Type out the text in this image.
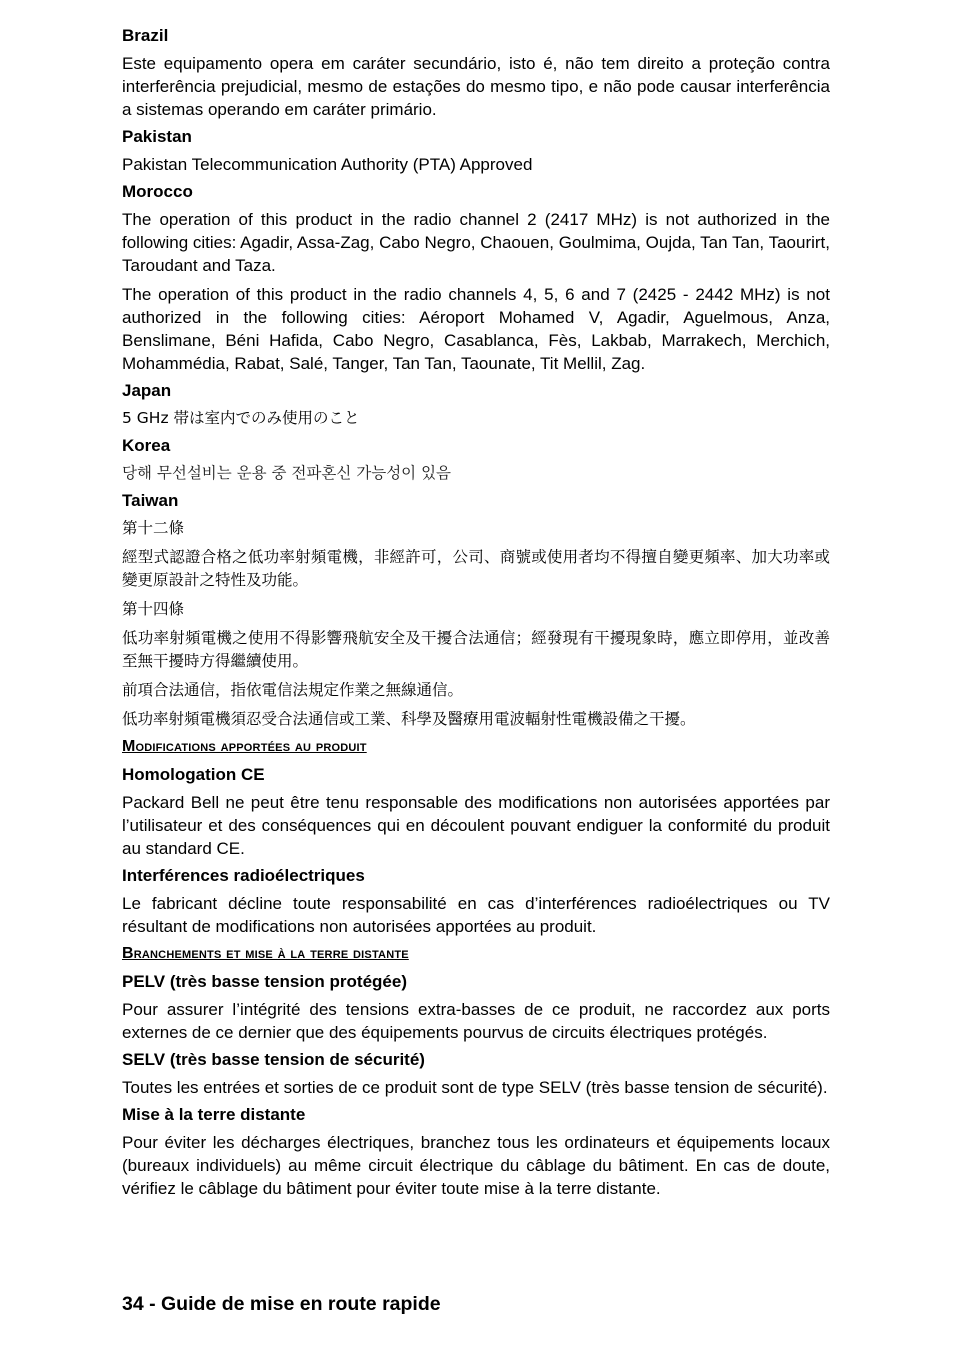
Brazil
Este equipamento opera em caráter secundário, isto é, não tem direito a proteção contra interferência prejudicial, mesmo de estações do mesmo tipo, e não pode causar interferência a sistemas operando em caráter primário.
Pakistan
Pakistan Telecommunication Authority (PTA) Approved
Morocco
The operation of this product in the radio channel 2 (2417 MHz) is not authorized in the following cities: Agadir, Assa-Zag, Cabo Negro, Chaouen, Goulmima, Oujda, Tan Tan, Taourirt, Taroudant and Taza.
The operation of this product in the radio channels 4, 5, 6 and 7 (2425 - 2442 MHz) is not authorized in the following cities: Aéroport Mohamed V, Agadir, Aguelmous, Anza, Benslimane, Béni Hafida, Cabo Negro, Casablanca, Fès, Lakbab, Marrakech, Merchich, Mohammédia, Rabat, Salé, Tanger, Tan Tan, Taounate, Tit Mellil, Zag.
Japan
5 GHz 帯は室内でのみ使用のこと
Korea
당해 무선설비는 운용 중 전파혼신 가능성이 있음
Taiwan
第十二條
經型式認證合格之低功率射頻電機，非經許可，公司、商號或使用者均不得擅自變更頻率、加大功率或變更原設計之特性及功能。
第十四條
低功率射頻電機之使用不得影響飛航安全及干擾合法通信；經發現有干擾現象時，應立即停用，並改善至無干擾時方得繼續使用。
前項合法通信，指依電信法規定作業之無線通信。
低功率射頻電機須忍受合法通信或工業、科學及醫療用電波輻射性電機設備之干擾。
Modifications apportées au produit
Homologation CE
Packard Bell ne peut être tenu responsable des modifications non autorisées apportées par l’utilisateur et des conséquences qui en découlent pouvant endiguer la conformité du produit au standard CE.
Interférences radioélectriques
Le fabricant décline toute responsabilité en cas d’interférences radioélectriques ou TV résultant de modifications non autorisées apportées au produit.
Branchements et mise à la terre distante
PELV (très basse tension protégée)
Pour assurer l’intégrité des tensions extra-basses de ce produit, ne raccordez aux ports externes de ce dernier que des équipements pourvus de circuits électriques protégés.
SELV (très basse tension de sécurité)
Toutes les entrées et sorties de ce produit sont de type SELV (très basse tension de sécurité).
Mise à la terre distante
Pour éviter les décharges électriques, branchez tous les ordinateurs et équipements locaux (bureaux individuels) au même circuit électrique du câblage du bâtiment. En cas de doute, vérifiez le câblage du bâtiment pour éviter toute mise à la terre distante.
34 - Guide de mise en route rapide
